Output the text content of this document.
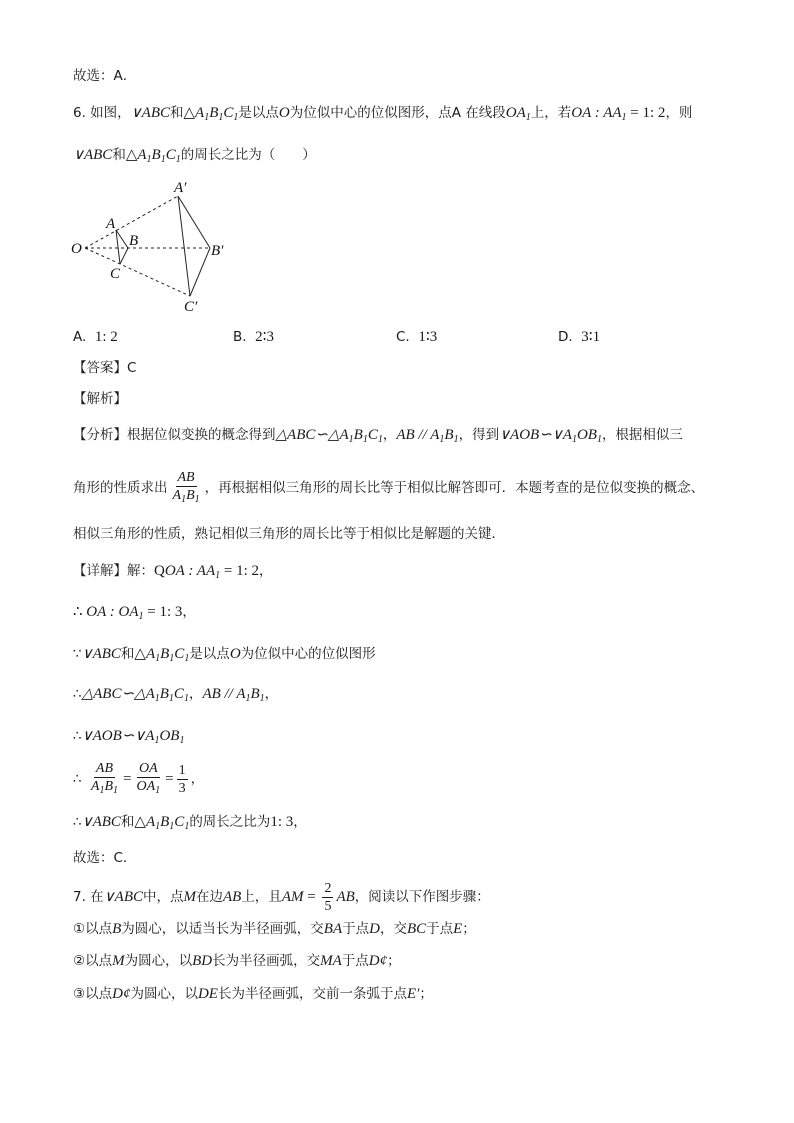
故选：A．
6. 如图，∨ABC和$\triangle A_1B_1C_1$是以点O为位似中心的位似图形，点A 在线段$OA_1$上，若OA : $AA_1 = 1$: 2，则
∨ABC和$\triangle A_1B_1C_1$的周长之比为（　　）
O
A
B
C
A′
B′
C′
A. 1: 2	B. 2∶3	C. 1∶3	D. 3∶1
【答案】C
【解析】
【分析】根据位似变换的概念得到$\triangle ABC∽\triangle A_1B_1C_1$，AB // $A_1B_1$，得到$\vee AOB∽\vee A_1OB_1$，根据相似三
角形的性质求出 $\frac{AB}{A_1B_1}$ ，再根据相似三角形的周长比等于相似比解答即可．本题考查的是位似变换的概念、
相似三角形的性质，熟记相似三角形的周长比等于相似比是解题的关键．
【详解】解：QOA : $AA_1 = 1$: 2，
∴ OA : $OA_1 = 1$: 3，
∵∨ABC和$\triangle A_1B_1C_1$是以点O为位似中心的位似图形
$\therefore\triangle ABC∽\triangle A_1B_1C_1$，AB // $A_1B_1$，
$\therefore\vee AOB∽\vee A_1OB_1$
∴ $\frac{AB}{A_1B_1} = \frac{OA}{OA_1} = \frac{1}{3}$ ，
∴∨ABC和$\triangle A_1B_1C_1$的周长之比为1: 3，
故选：C．
7. 在∨ABC中，点M在边AB上，且AM = $\frac{2}{5}$ AB，阅读以下作图步骤：
①以点B为圆心，以适当长为半径画弧，交BA于点D，交BC于点E；
②以点M为圆心，以BD长为半径画弧，交MA于点D¢；
③以点D¢为圆心，以DE长为半径画弧，交前一条弧于点E′；
